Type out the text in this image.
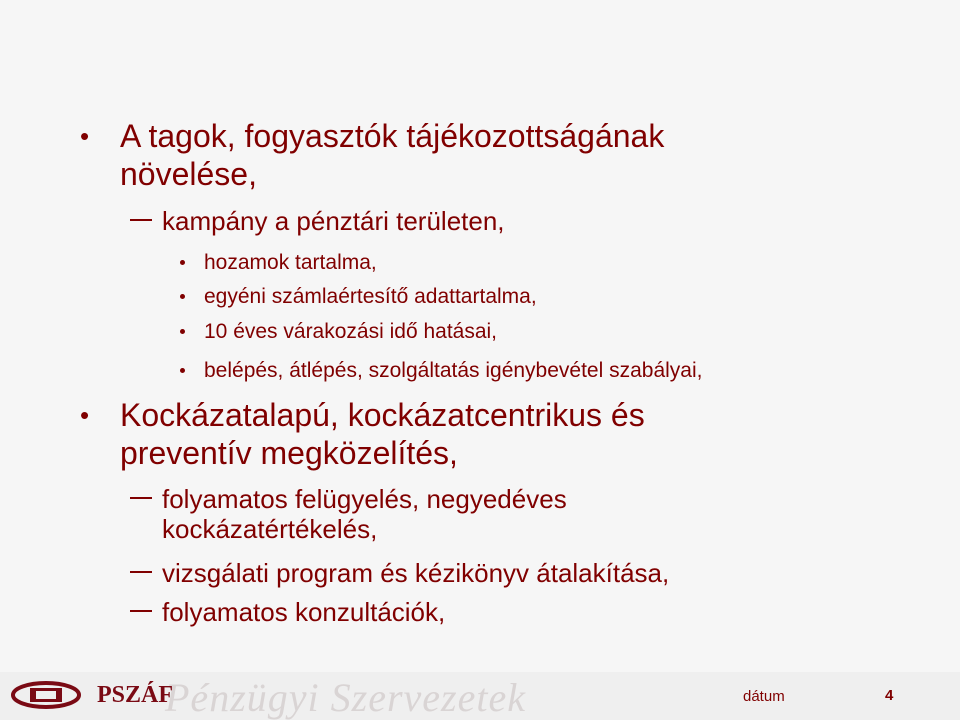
• A tagok, fogyasztók tájékozottságának
növelése,
kampány a pénztári területen,
hozamok tartalma,
egyéni számlaértesítő adattartalma,
10 éves várakozási idő hatásai,
belépés, átlépés, szolgáltatás igénybevétel szabályai,
• Kockázatalapú, kockázatcentrikus és
preventív megközelítés,
folyamatos felügyelés, negyedéves
kockázatértékelés,
vizsgálati program és kézikönyv átalakítása,
folyamatos konzultációk,
Pénzügyi Szervezetek
PSZÁF	dátum	4
